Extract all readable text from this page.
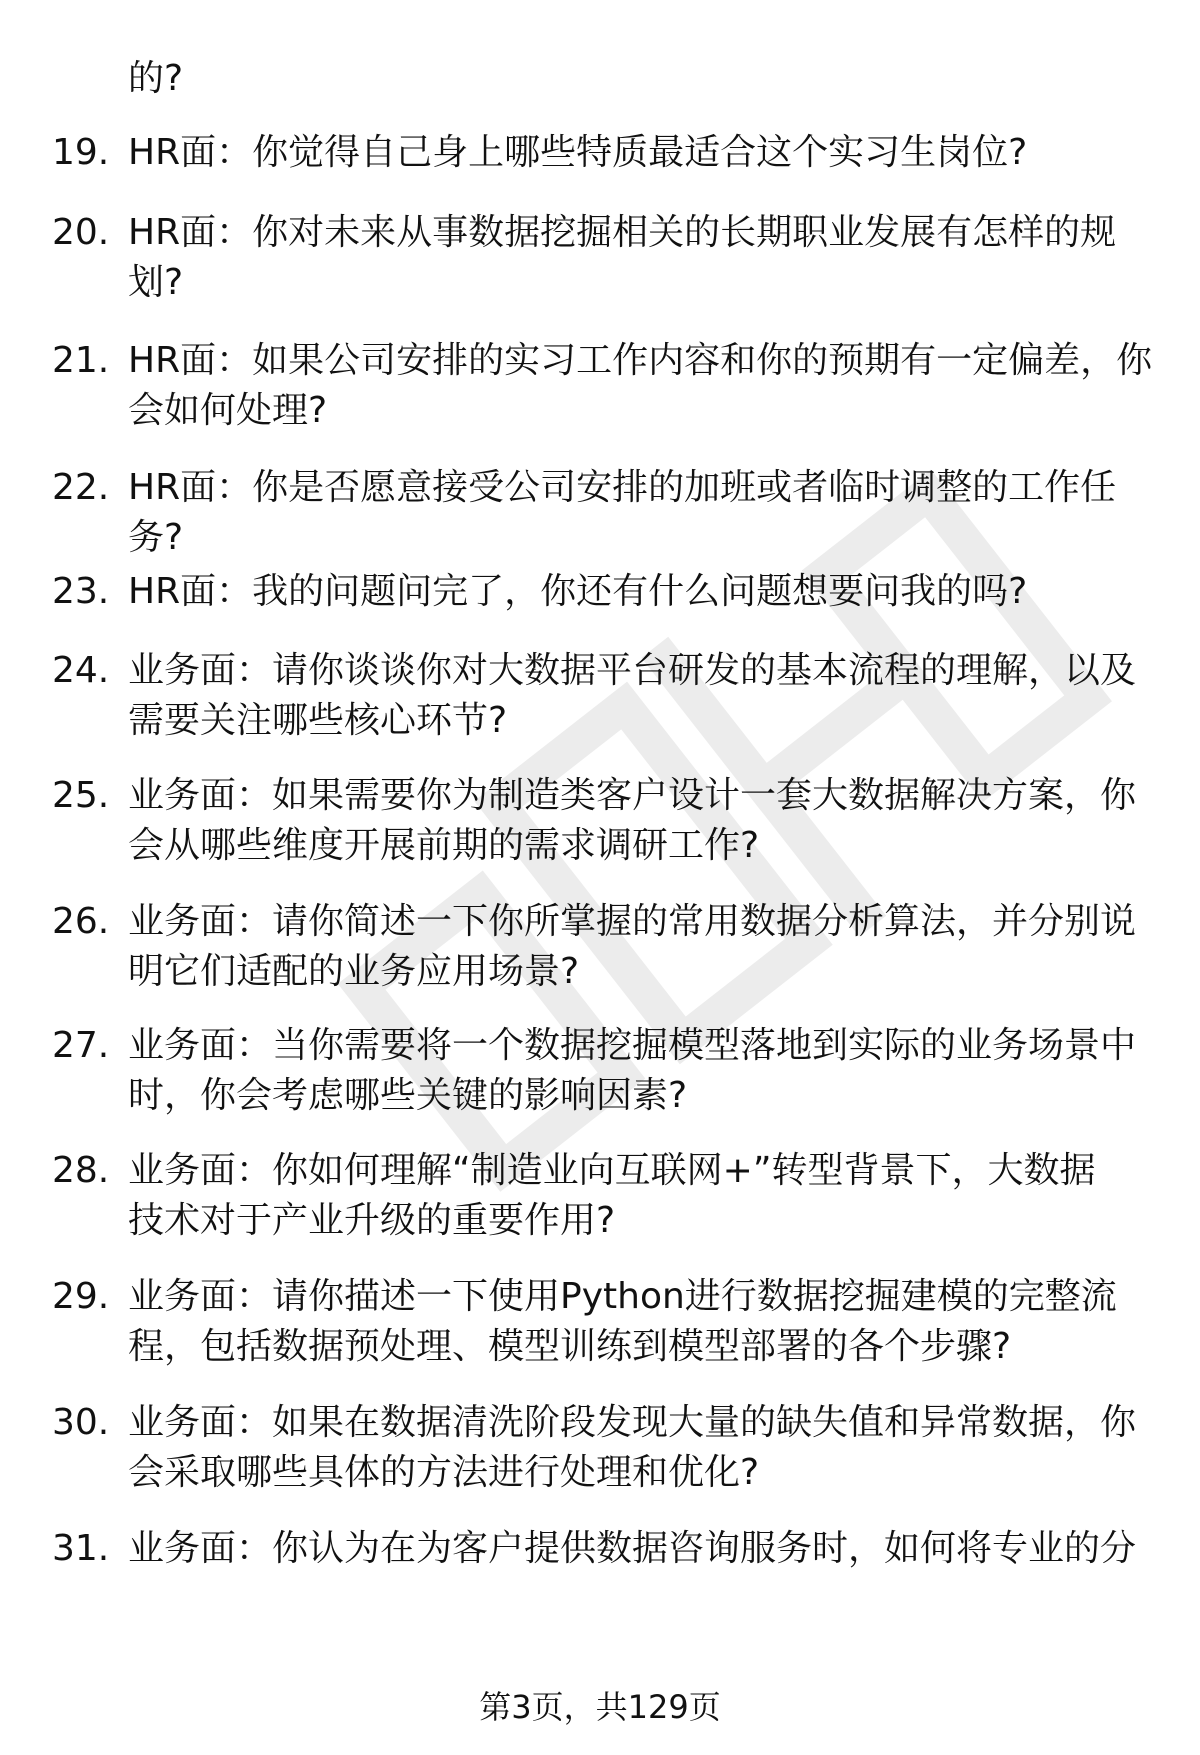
的?
19. HR面：你觉得自己身上哪些特质最适合这个实习生岗位?
20. HR面：你对未来从事数据挖掘相关的长期职业发展有怎样的规
划?
21. HR面：如果公司安排的实习工作内容和你的预期有一定偏差，你
会如何处理?
22. HR面：你是否愿意接受公司安排的加班或者临时调整的工作任
务?
23. HR面：我的问题问完了，你还有什么问题想要问我的吗?
24. 业务面：请你谈谈你对大数据平台研发的基本流程的理解，以及
需要关注哪些核心环节?
25. 业务面：如果需要你为制造类客户设计一套大数据解决方案，你
会从哪些维度开展前期的需求调研工作?
26. 业务面：请你简述一下你所掌握的常用数据分析算法，并分别说
明它们适配的业务应用场景?
27. 业务面：当你需要将一个数据挖掘模型落地到实际的业务场景中
时，你会考虑哪些关键的影响因素?
28. 业务面：你如何理解“制造业向互联网+”转型背景下，大数据
技术对于产业升级的重要作用?
29. 业务面：请你描述一下使用Python进行数据挖掘建模的完整流
程，包括数据预处理、模型训练到模型部署的各个步骤?
30. 业务面：如果在数据清洗阶段发现大量的缺失值和异常数据，你
会采取哪些具体的方法进行处理和优化?
31. 业务面：你认为在为客户提供数据咨询服务时，如何将专业的分
第3页，共129页
